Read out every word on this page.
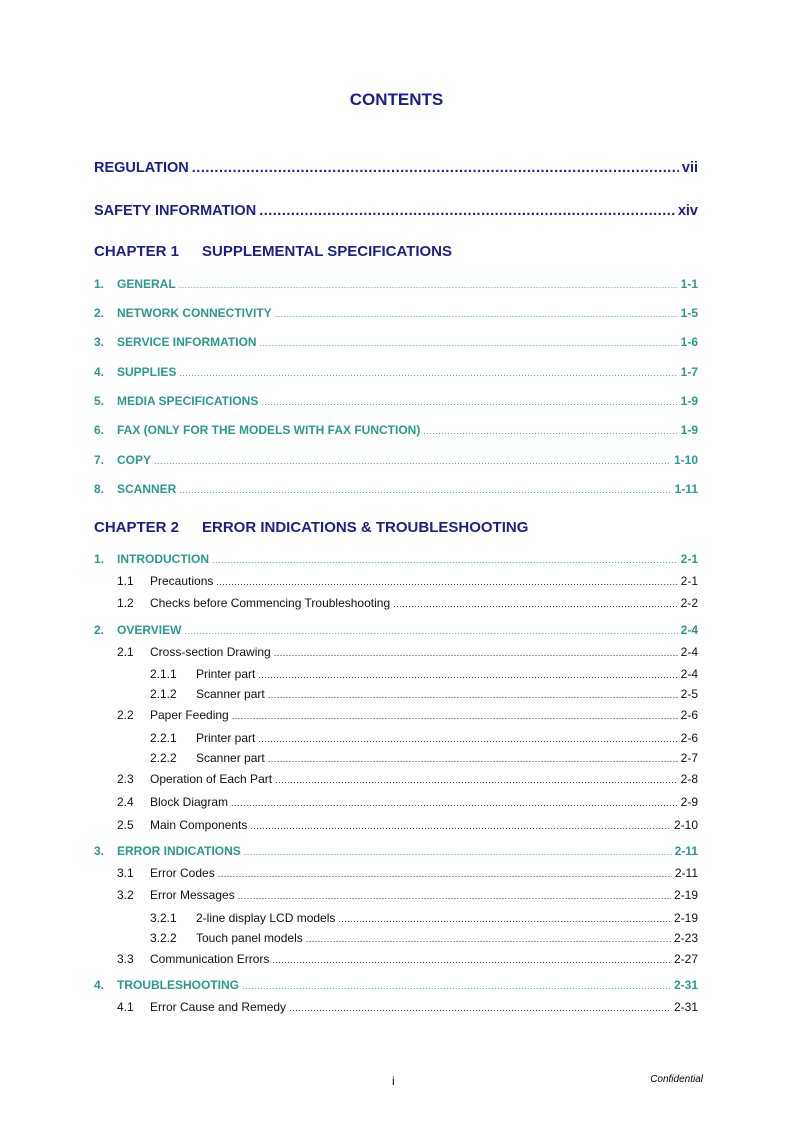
CONTENTS
REGULATION .....	vii
SAFETY INFORMATION .....	xiv
CHAPTER 1 SUPPLEMENTAL SPECIFICATIONS
1.	GENERAL .....	1-1
2.	NETWORK CONNECTIVITY .....	1-5
3.	SERVICE INFORMATION .....	1-6
4.	SUPPLIES .....	1-7
5.	MEDIA SPECIFICATIONS .....	1-9
6.	FAX (ONLY FOR THE MODELS WITH FAX FUNCTION) .....	1-9
7.	COPY .....	1-10
8.	SCANNER .....	1-11
CHAPTER 2 ERROR INDICATIONS & TROUBLESHOOTING
1.	INTRODUCTION .....	2-1
1.1	Precautions .....	2-1
1.2	Checks before Commencing Troubleshooting .....	2-2
2.	OVERVIEW .....	2-4
2.1	Cross-section Drawing .....	2-4
2.1.1	Printer part .....	2-4
2.1.2	Scanner part .....	2-5
2.2	Paper Feeding .....	2-6
2.2.1	Printer part .....	2-6
2.2.2	Scanner part .....	2-7
2.3	Operation of Each Part .....	2-8
2.4	Block Diagram .....	2-9
2.5	Main Components .....	2-10
3.	ERROR INDICATIONS .....	2-11
3.1	Error Codes .....	2-11
3.2	Error Messages .....	2-19
3.2.1	2-line display LCD models .....	2-19
3.2.2	Touch panel models .....	2-23
3.3	Communication Errors .....	2-27
4.	TROUBLESHOOTING .....	2-31
4.1	Error Cause and Remedy .....	2-31
i	Confidential
